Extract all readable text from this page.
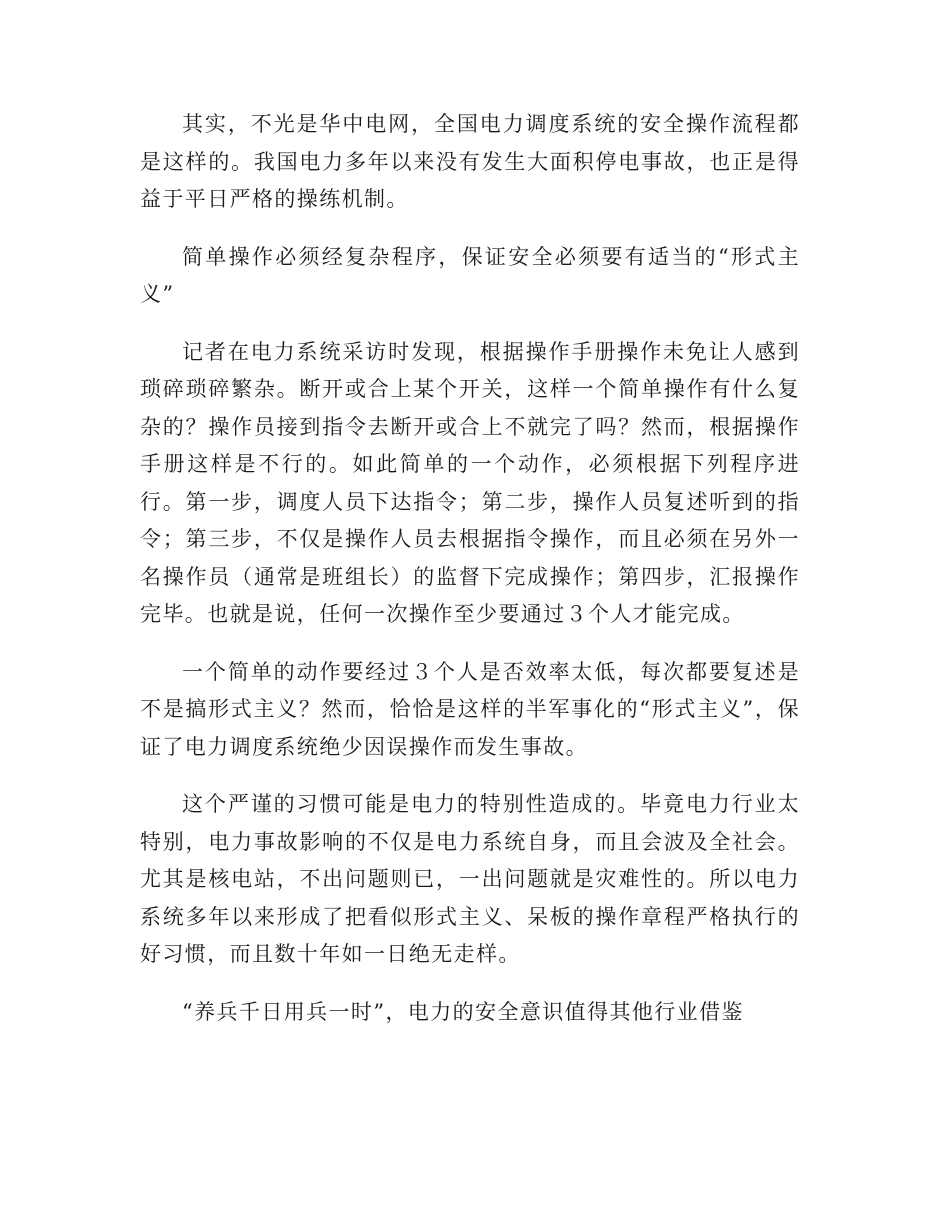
其实，不光是华中电网，全国电力调度系统的安全操作流程都是这样的。我国电力多年以来没有发生大面积停电事故，也正是得益于平日严格的操练机制。

简单操作必须经复杂程序，保证安全必须要有适当的“形式主义”

记者在电力系统采访时发现，根据操作手册操作未免让人感到琐碎琐碎繁杂。断开或合上某个开关，这样一个简单操作有什么复杂的？操作员接到指令去断开或合上不就完了吗？然而，根据操作手册这样是不行的。如此简单的一个动作，必须根据下列程序进行。第一步，调度人员下达指令；第二步，操作人员复述听到的指令；第三步，不仅是操作人员去根据指令操作，而且必须在另外一名操作员（通常是班组长）的监督下完成操作；第四步，汇报操作完毕。也就是说，任何一次操作至少要通过３个人才能完成。

一个简单的动作要经过３个人是否效率太低，每次都要复述是不是搞形式主义？然而，恰恰是这样的半军事化的“形式主义”，保证了电力调度系统绝少因误操作而发生事故。

这个严谨的习惯可能是电力的特别性造成的。毕竟电力行业太特别，电力事故影响的不仅是电力系统自身，而且会波及全社会。尤其是核电站，不出问题则已，一出问题就是灾难性的。所以电力系统多年以来形成了把看似形式主义、呆板的操作章程严格执行的好习惯，而且数十年如一日绝无走样。

“养兵千日用兵一时”，电力的安全意识值得其他行业借鉴
